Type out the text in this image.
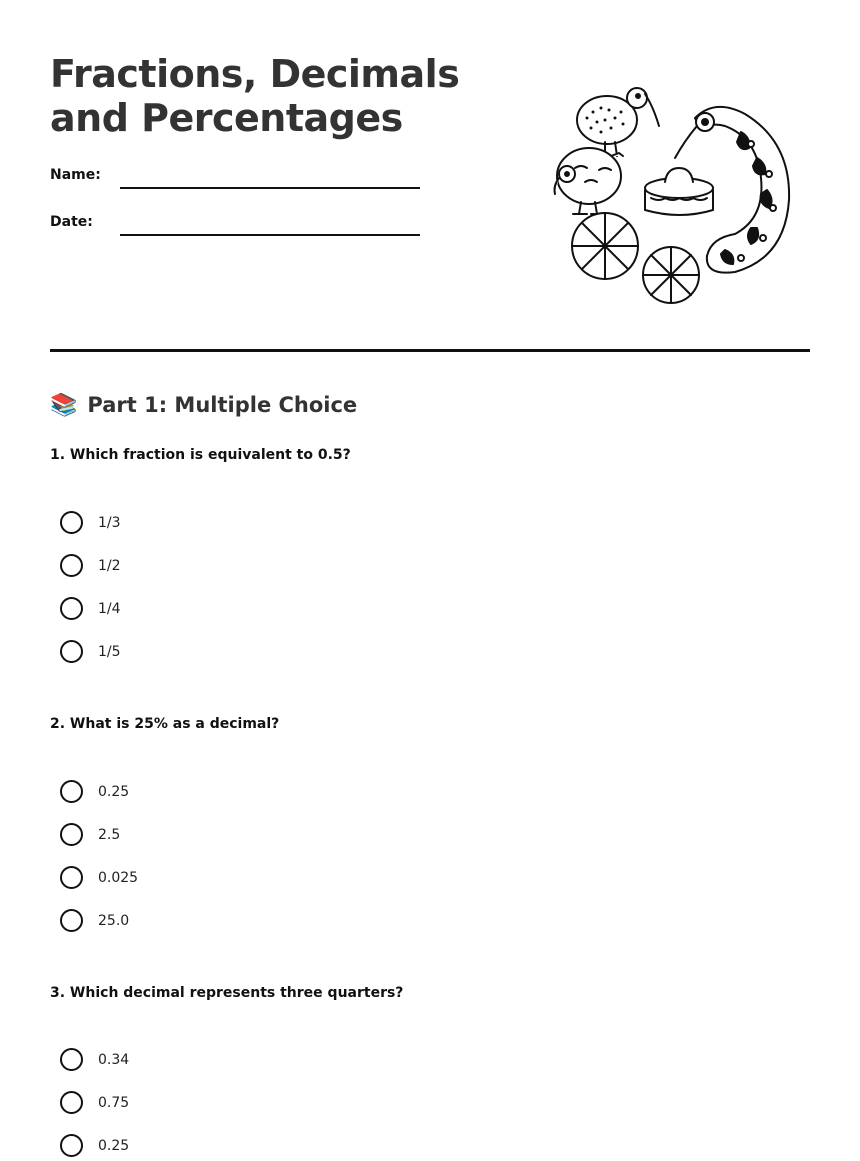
Fractions, Decimals and Percentages
Name:
Date:
📚 Part 1: Multiple Choice
1. Which fraction is equivalent to 0.5?
1/3
1/2
1/4
1/5
2. What is 25% as a decimal?
0.25
2.5
0.025
25.0
3. Which decimal represents three quarters?
0.34
0.75
0.25
